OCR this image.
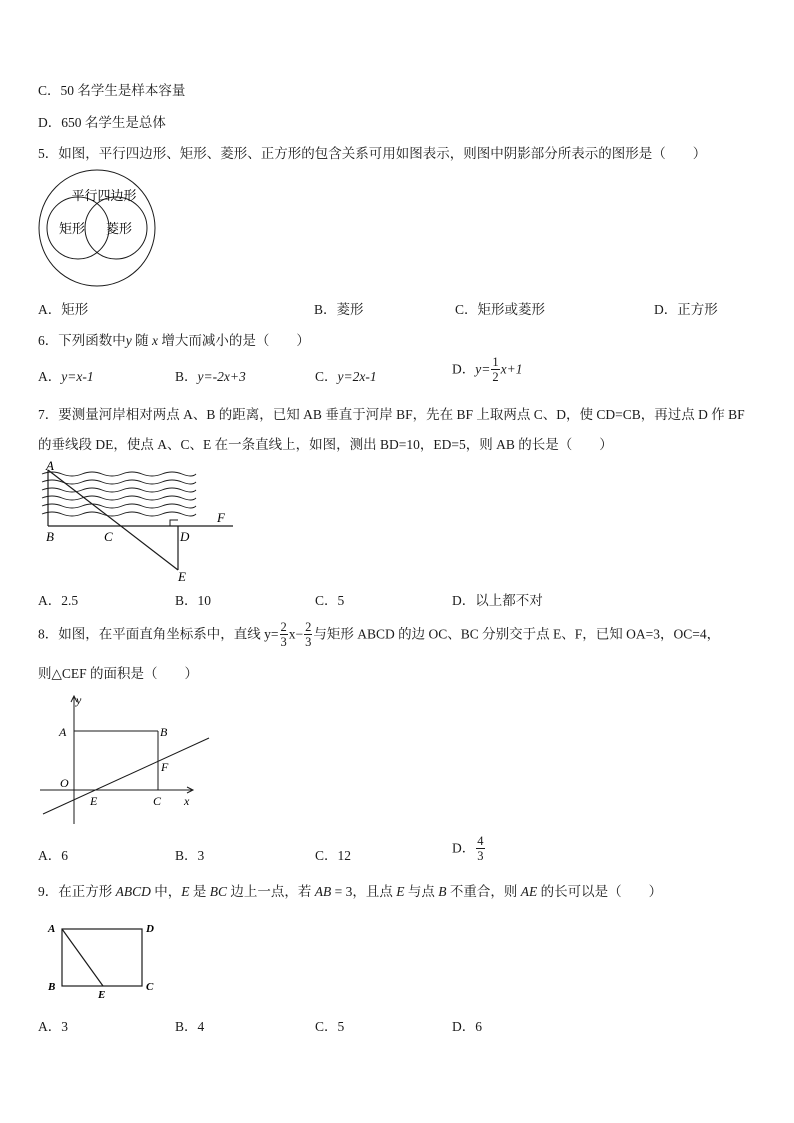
C．50 名学生是样本容量
D．650 名学生是总体
5．如图，平行四边形、矩形、菱形、正方形的包含关系可用如图表示，则图中阴影部分所表示的图形是（　　）
平行四边形
矩形 菱形
A．矩形	B．菱形	C．矩形或菱形	D．正方形
6．下列函数中y 随 x 增大而减小的是（　　）
A．y=x-1	B．y=-2x+3	C．y=2x-1	D．$y= \frac{1}{2} x+1$
7．要测量河岸相对两点 A、B 的距离，已知 AB 垂直于河岸 BF，先在 BF 上取两点 C、D，使 CD=CB，再过点 D 作 BF
的垂线段 DE，使点 A、C、E 在一条直线上，如图，测出 BD=10，ED=5，则 AB 的长是（　　）
A
B	C	D
E
F
A．2.5	B．10	C．5	D．以上都不对
8．如图，在平面直角坐标系中，直线 $y= \frac{2}{3} x- \frac{2}{3}$ 与矩形 ABCD 的边 OC、BC 分别交于点 E、F，已知 OA=3，OC=4，
则△CEF 的面积是（　　）
y
x
A	B
O
E
F
C
A．6	B．3	C．12	D． $\frac{4}{3}$
9．在正方形 ABCD 中，E 是 BC 边上一点，若 AB = 3，且点 E 与点 B 不重合，则 AE 的长可以是（　　）
A	D
B	C
E
A．3	B．4	C．5	D．6
